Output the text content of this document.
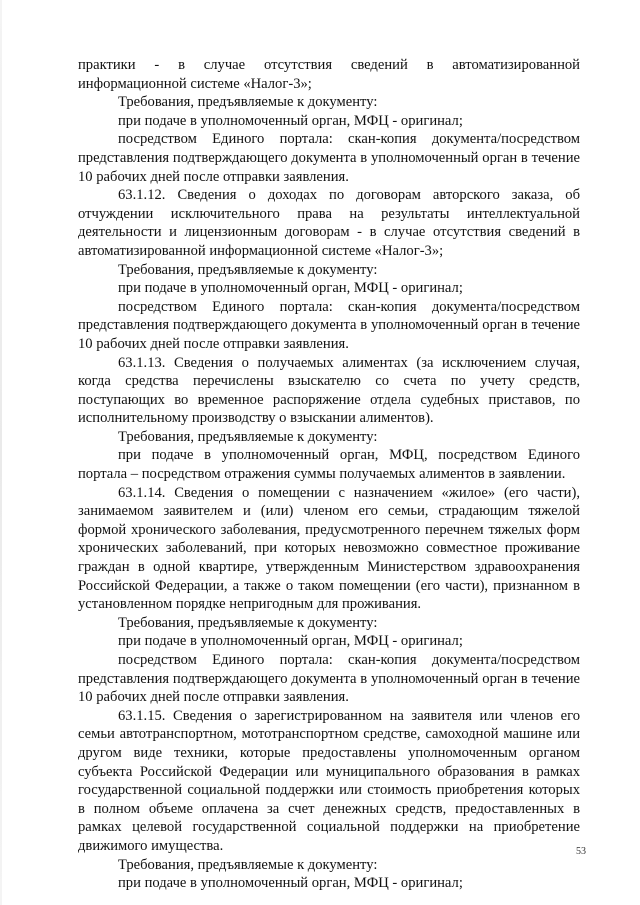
практики - в случае отсутствия сведений в автоматизированной информационной системе «Налог-3»;

Требования, предъявляемые к документу:

при подаче в уполномоченный орган, МФЦ - оригинал;

посредством Единого портала: скан-копия документа/посредством представления подтверждающего документа в уполномоченный орган в течение 10 рабочих дней после отправки заявления.

63.1.12. Сведения о доходах по договорам авторского заказа, об отчуждении исключительного права на результаты интеллектуальной деятельности и лицензионным договорам - в случае отсутствия сведений в автоматизированной информационной системе «Налог-3»;

Требования, предъявляемые к документу:

при подаче в уполномоченный орган, МФЦ - оригинал;

посредством Единого портала: скан-копия документа/посредством представления подтверждающего документа в уполномоченный орган в течение 10 рабочих дней после отправки заявления.

63.1.13. Сведения о получаемых алиментах (за исключением случая, когда средства перечислены взыскателю со счета по учету средств, поступающих во временное распоряжение отдела судебных приставов, по исполнительному производству о взыскании алиментов).

Требования, предъявляемые к документу:

при подаче в уполномоченный орган, МФЦ, посредством Единого портала – посредством отражения суммы получаемых алиментов в заявлении.

63.1.14. Сведения о помещении с назначением «жилое» (его части), занимаемом заявителем и (или) членом его семьи, страдающим тяжелой формой хронического заболевания, предусмотренного перечнем тяжелых форм хронических заболеваний, при которых невозможно совместное проживание граждан в одной квартире, утвержденным Министерством здравоохранения Российской Федерации, а также о таком помещении (его части), признанном в установленном порядке непригодным для проживания.

Требования, предъявляемые к документу:

при подаче в уполномоченный орган, МФЦ - оригинал;

посредством Единого портала: скан-копия документа/посредством представления подтверждающего документа в уполномоченный орган в течение 10 рабочих дней после отправки заявления.

63.1.15. Сведения о зарегистрированном на заявителя или членов его семьи автотранспортном, мототранспортном средстве, самоходной машине или другом виде техники, которые предоставлены уполномоченным органом субъекта Российской Федерации или муниципального образования в рамках государственной социальной поддержки или стоимость приобретения которых в полном объеме оплачена за счет денежных средств, предоставленных в рамках целевой государственной социальной поддержки на приобретение движимого имущества.

Требования, предъявляемые к документу:

при подаче в уполномоченный орган, МФЦ - оригинал;

53
